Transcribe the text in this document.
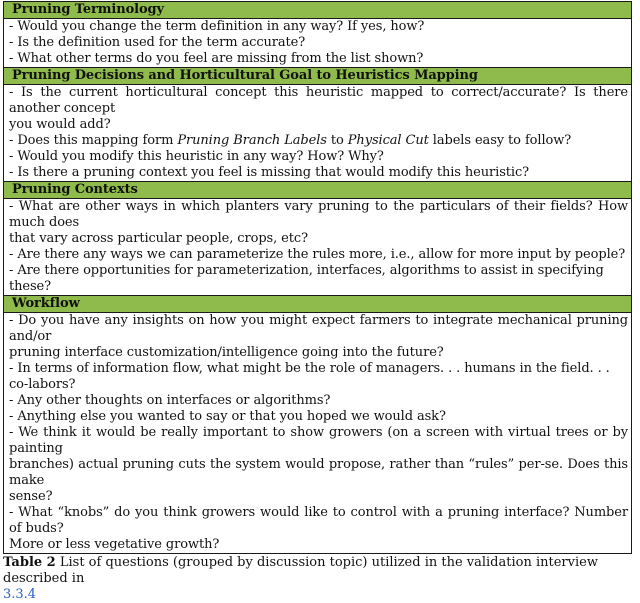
Pruning Terminology
- Would you change the term definition in any way? If yes, how?
- Is the definition used for the term accurate?
- What other terms do you feel are missing from the list shown?
Pruning Decisions and Horticultural Goal to Heuristics Mapping
- Is the current horticultural concept this heuristic mapped to correct/accurate? Is there another concept
you would add?
- Does this mapping form Pruning Branch Labels to Physical Cut labels easy to follow?
- Would you modify this heuristic in any way? How? Why?
- Is there a pruning context you feel is missing that would modify this heuristic?
Pruning Contexts
- What are other ways in which planters vary pruning to the particulars of their fields? How much does
that vary across particular people, crops, etc?
- Are there any ways we can parameterize the rules more, i.e., allow for more input by people?
- Are there opportunities for parameterization, interfaces, algorithms to assist in specifying these?
Workflow
- Do you have any insights on how you might expect farmers to integrate mechanical pruning and/or
pruning interface customization/intelligence going into the future?
- In terms of information flow, what might be the role of managers. . . humans in the field. . . co-labors?
- Any other thoughts on interfaces or algorithms?
- Anything else you wanted to say or that you hoped we would ask?
- We think it would be really important to show growers (on a screen with virtual trees or by painting
branches) actual pruning cuts the system would propose, rather than “rules” per-se. Does this make
sense?
- What “knobs” do you think growers would like to control with a pruning interface? Number of buds?
More or less vegetative growth?
Table 2 List of questions (grouped by discussion topic) utilized in the validation interview described in
3.3.4
